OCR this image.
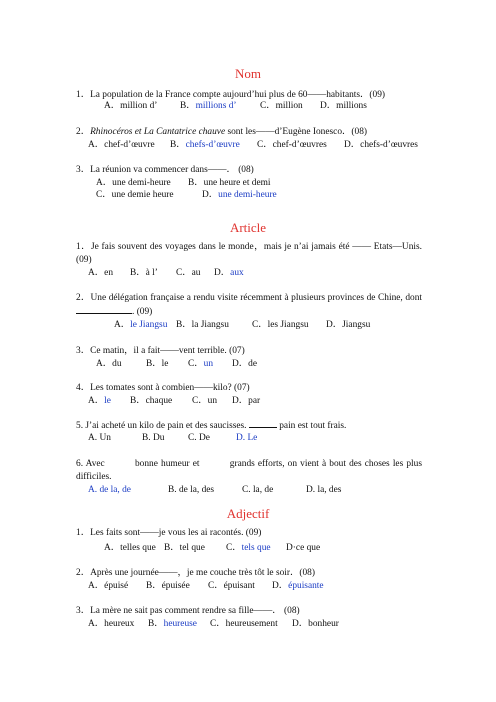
Nom
1．La population de la France compte aujourd’hui plus de 60——habitants．(09)
A．million d’ B．millions d’ C．million D．millions
2．Rhinocéros et La Cantatrice chauve sont les——d’Eugène Ionesco．(08)
A．chef-d’œuvre B．chefs-d’œuvre C．chef-d’œuvres D．chefs-d’œuvres
3．La réunion va commencer dans——． (08)
A．une demi-heure B．une heure et demi
C．une demie heure	D．une demi-heure
Article
1．Je fais souvent des voyages dans le monde，mais je n’ai jamais été —— Etats—Unis. (09)
A．en B．à l’ C．au D．aux
2．Une délégation française a rendu visite récemment à plusieurs provinces de Chine, dont . (09)
A．le Jiangsu B．la Jiangsu C．les Jiangsu D．Jiangsu
3．Ce matin，il a fait——vent terrible. (07)
A．du	B．le C．un D．de
4．Les tomates sont à combien——kilo? (07)
A．le B．chaque C．un D．par
5. J’ai acheté un kilo de pain et des saucisses.	pain est tout frais.
A. Un	B. Du	C. De	D. Le
6. Avec	bonne humeur et	grands efforts, on vient à bout des choses les plus difficiles.
A. de la, de	B. de la, des	C. la, de	D. la, des
Adjectif
1．Les faits sont——je vous les ai racontés. (09)
A．telles que B．tel que C．tels que D·ce que
2．Après une journée——，je me couche très tôt le soir．(08)
A．épuisé B．épuisée C．épuisant D．épuisante
3．La mère ne sait pas comment rendre sa fille——． (08)
A．heureux B．heureuse C．heureusement D．bonheur
